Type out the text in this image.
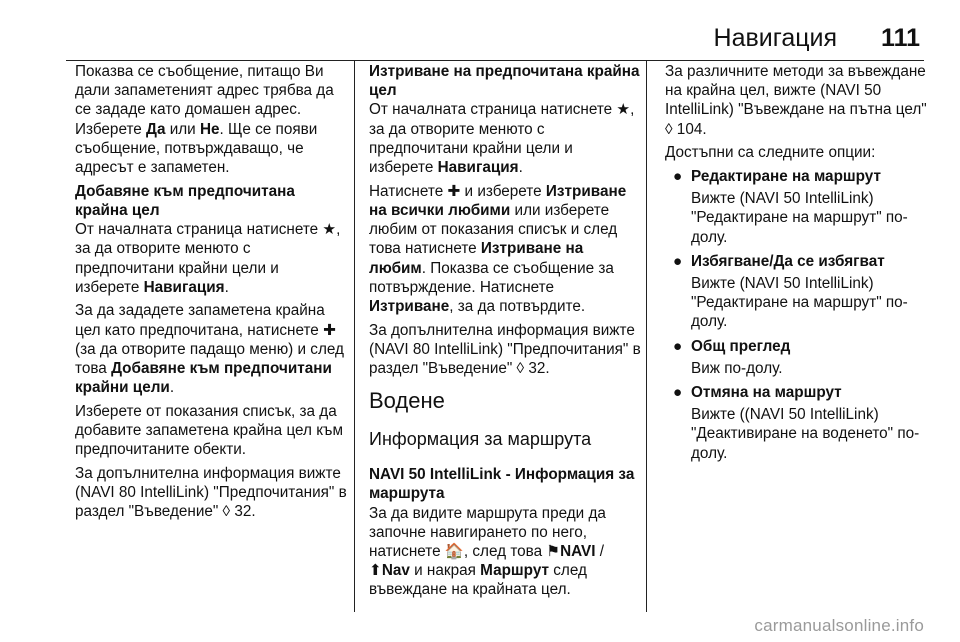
Навигация 111

Показва се съобщение, питащо Ви дали запаметеният адрес трябва да се зададе като домашен адрес. Изберете Да или Не. Ще се появи съобщение, потвърждаващо, че адресът е запаметен.

Добавяне към предпочитана крайна цел

От началната страница натиснете ★, за да отворите менюто с предпочитани крайни цели и изберете Навигация.

За да зададете запаметена крайна цел като предпочитана, натиснете ✚ (за да отворите падащо меню) и след това Добавяне към предпочитани крайни цели.

Изберете от показания списък, за да добавите запаметена крайна цел към предпочитаните обекти.

За допълнителна информация вижте (NAVI 80 IntelliLink) "Предпочитания" в раздел "Въведение" ◊ 32.

Изтриване на предпочитана крайна цел

От началната страница натиснете ★, за да отворите менюто с предпочитани крайни цели и изберете Навигация.

Натиснете ✚ и изберете Изтриване на всички любими или изберете любим от показания списък и след това натиснете Изтриване на любим. Показва се съобщение за потвърждение. Натиснете Изтриване, за да потвърдите.

За допълнителна информация вижте (NAVI 80 IntelliLink) "Предпочитания" в раздел "Въведение" ◊ 32.

Водене
Информация за маршрута

NAVI 50 IntelliLink - Информация за маршрута

За да видите маршрута преди да започне навигирането по него, натиснете 🏠, след това ⚑NAVI / ⬆Nav и накрая Маршрут след въвеждане на крайната цел.

За различните методи за въвеждане на крайна цел, вижте (NAVI 50 IntelliLink) "Въвеждане на пътна цел" ◊ 104.

Достъпни са следните опции:

● Редактиране на маршрут
Вижте (NAVI 50 IntelliLink) "Редактиране на маршрут" по-долу.
● Избягване/Да се избягват
Вижте (NAVI 50 IntelliLink) "Редактиране на маршрут" по-долу.
● Общ преглед
Виж по-долу.
● Отмяна на маршрут
Вижте ((NAVI 50 IntelliLink) "Деактивиране на воденето" по-долу.
carmanualsonline.info
